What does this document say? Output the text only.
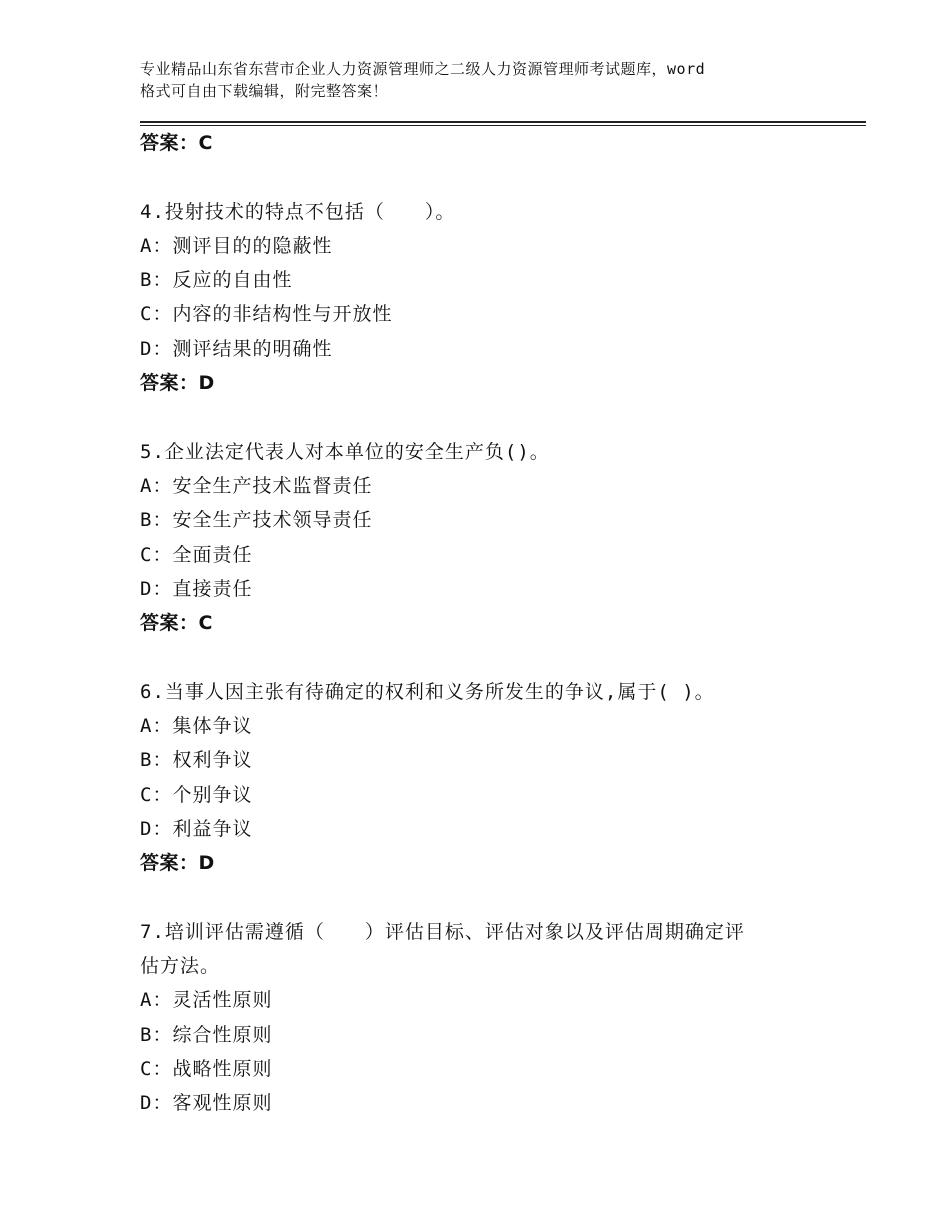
专业精品山东省东营市企业人力资源管理师之二级人力资源管理师考试题库，word
格式可自由下载编辑，附完整答案！
答案：C
4.投射技术的特点不包括（　　）。
A：测评目的的隐蔽性
B：反应的自由性
C：内容的非结构性与开放性
D：测评结果的明确性
答案：D
5.企业法定代表人对本单位的安全生产负()。
A：安全生产技术监督责任
B：安全生产技术领导责任
C：全面责任
D：直接责任
答案：C
6.当事人因主张有待确定的权利和义务所发生的争议,属于( )。
A：集体争议
B：权利争议
C：个别争议
D：利益争议
答案：D
7.培训评估需遵循（　　）评估目标、评估对象以及评估周期确定评
估方法。
A：灵活性原则
B：综合性原则
C：战略性原则
D：客观性原则
